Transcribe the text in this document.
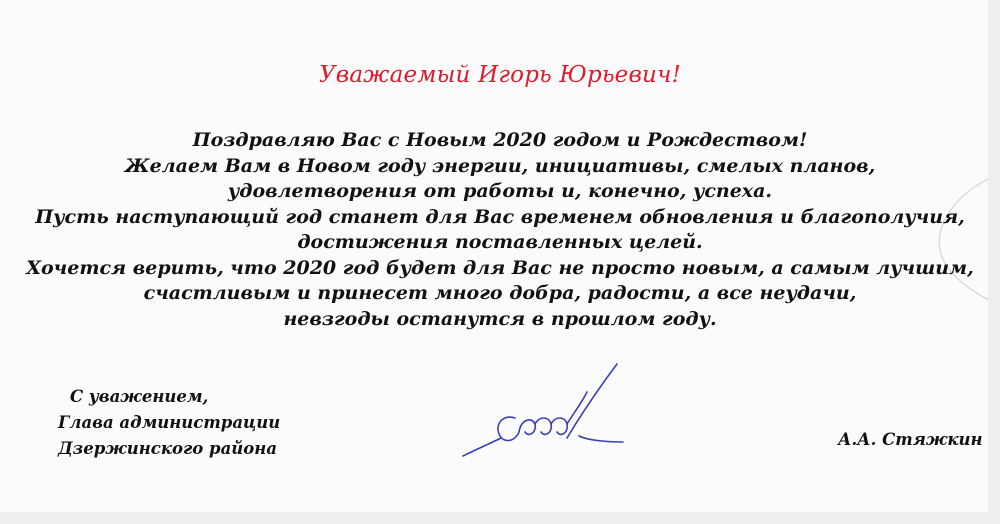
Уважаемый Игорь Юрьевич!
Поздравляю Вас с Новым 2020 годом и Рождеством!
Желаем Вам в Новом году энергии, инициативы, смелых планов,
удовлетворения от работы и, конечно, успеха.
Пусть наступающий год станет для Вас временем обновления и благополучия,
достижения поставленных целей.
Хочется верить, что 2020 год будет для Вас не просто новым, а самым лучшим,
счастливым и принесет много добра, радости, а все неудачи,
невзгоды останутся в прошлом году.
С уважением,
Глава администрации
Дзержинского района	А.А. Стяжкин
